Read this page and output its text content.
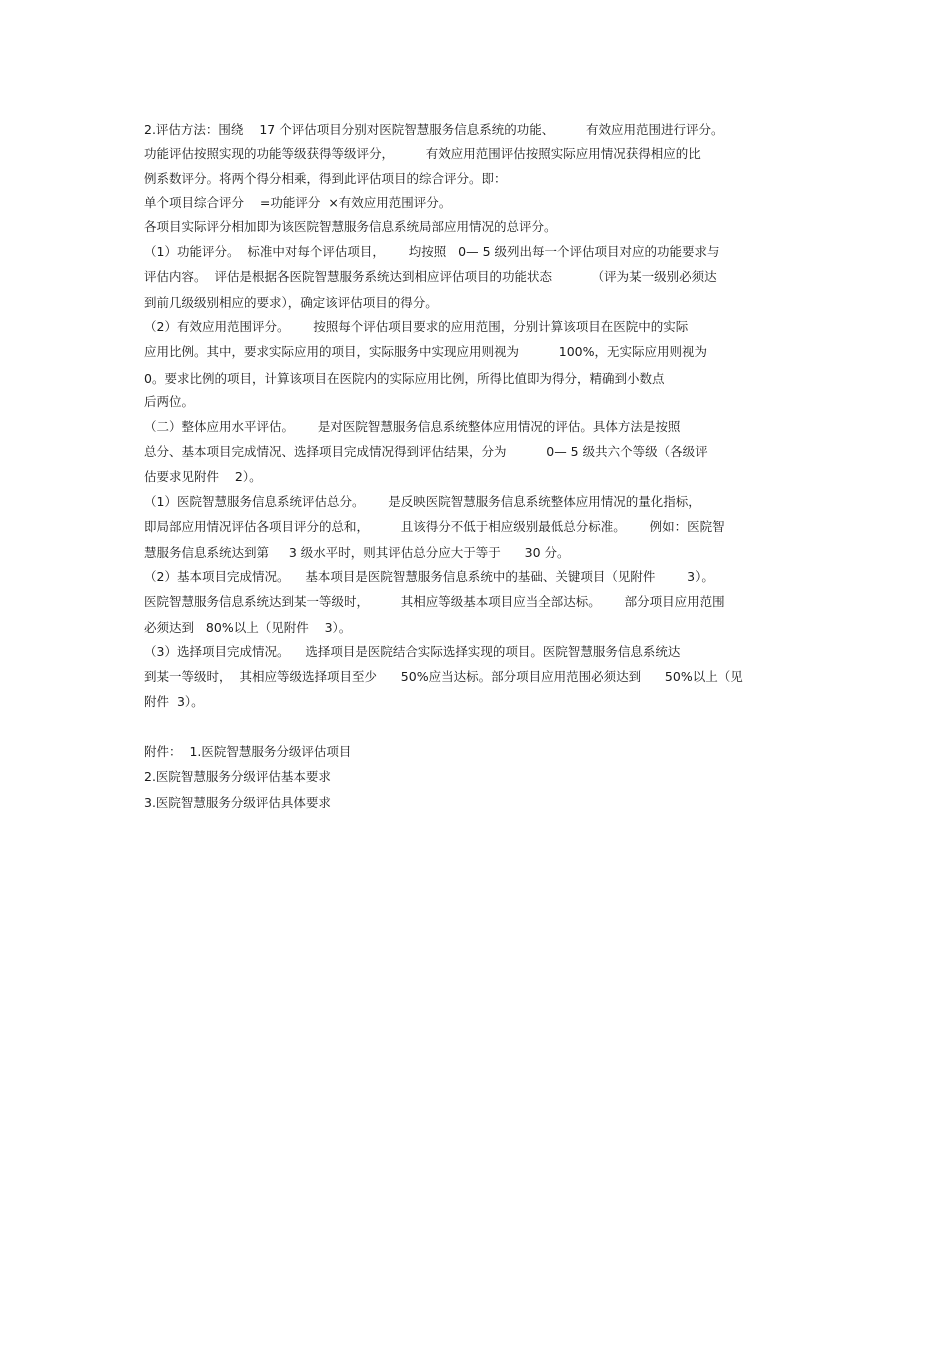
2.评估方法：围绕    17 个评估项目分别对医院智慧服务信息系统的功能、        有效应用范围进行评分。
功能评估按照实现的功能等级获得等级评分，        有效应用范围评估按照实际应用情况获得相应的比
例系数评分。将两个得分相乘，得到此评估项目的综合评分。即：
单个项目综合评分    =功能评分  ×有效应用范围评分。
各项目实际评分相加即为该医院智慧服务信息系统局部应用情况的总评分。
（1）功能评分。  标准中对每个评估项目，      均按照   0— 5 级列出每一个评估项目对应的功能要求与
评估内容。  评估是根据各医院智慧服务系统达到相应评估项目的功能状态          （评为某一级别必须达
到前几级级别相应的要求），确定该评估项目的得分。
（2）有效应用范围评分。      按照每个评估项目要求的应用范围，分别计算该项目在医院中的实际
应用比例。其中，要求实际应用的项目，实际服务中实现应用则视为          100%，无实际应用则视为
0。要求比例的项目，计算该项目在医院内的实际应用比例，所得比值即为得分，精确到小数点
后两位。
（二）整体应用水平评估。      是对医院智慧服务信息系统整体应用情况的评估。具体方法是按照
总分、基本项目完成情况、选择项目完成情况得到评估结果，分为          0— 5 级共六个等级（各级评
估要求见附件    2）。
（1）医院智慧服务信息系统评估总分。      是反映医院智慧服务信息系统整体应用情况的量化指标，
即局部应用情况评估各项目评分的总和，        且该得分不低于相应级别最低总分标准。      例如：医院智
慧服务信息系统达到第     3 级水平时，则其评估总分应大于等于      30 分。
（2）基本项目完成情况。    基本项目是医院智慧服务信息系统中的基础、关键项目（见附件        3）。
医院智慧服务信息系统达到某一等级时，        其相应等级基本项目应当全部达标。      部分项目应用范围
必须达到   80%以上（见附件    3）。
（3）选择项目完成情况。    选择项目是医院结合实际选择实现的项目。医院智慧服务信息系统达
到某一等级时，  其相应等级选择项目至少      50%应当达标。部分项目应用范围必须达到      50%以上（见
附件  3）。
附件：  1.医院智慧服务分级评估项目
2.医院智慧服务分级评估基本要求
3.医院智慧服务分级评估具体要求
